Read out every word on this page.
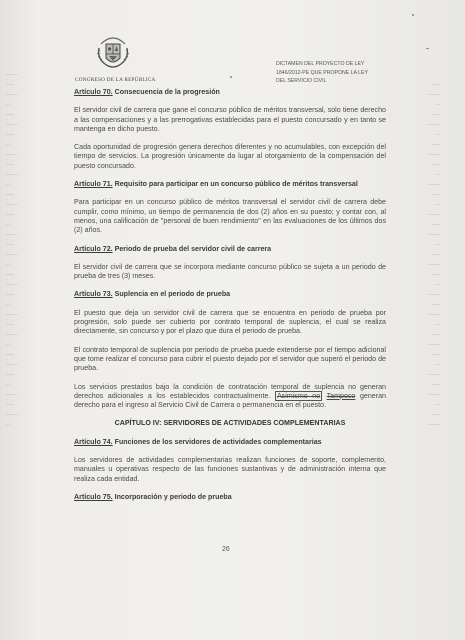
───
──
───
─
──
───
──
─
───
──
───
─
──
───
──
─
───
──
───
─
──
───
──
─
───
──
───
─
──
───
──
─
───
──
───
─
──
───
─
──
───
─
──
───
──
─
───
──
─
───
──
───
─
──
───
──
─
───
──
───
─
──
───
──
─
───
──
───
─
──
───
· · · · ·
CONGRESO DE LA REPÚBLICA
DICTAMEN DEL PROYECTO DE LEY
1846/2012-PE QUE PROPONE LA LEY
DEL SERVICIO CIVIL
Artículo 70. Consecuencia de la progresión

El servidor civil de carrera que gane el concurso público de méritos transversal, solo tiene derecho a las compensaciones y a las prerrogativas establecidas para el puesto concursado y en tanto se mantenga en dicho puesto.

Cada oportunidad de progresión genera derechos diferentes y no acumulables, con excepción del tiempo de servicios. La progresión únicamente da lugar al otorgamiento de la compensación del puesto concursado.

Artículo 71. Requisito para participar en un concurso público de méritos transversal

Para participar en un concurso público de méritos transversal el servidor civil de carrera debe cumplir, como mínimo, un tiempo de permanencia de dos (2) años en su puesto; y contar con, al menos, una calificación de "personal de buen rendimiento" en las evaluaciones de los últimos dos (2) años.

Artículo 72. Periodo de prueba del servidor civil de carrera

El servidor civil de carrera que se incorpora mediante concurso público se sujeta a un periodo de prueba de tres (3) meses.

Artículo 73. Suplencia en el periodo de prueba

El puesto que deja un servidor civil de carrera que se encuentra en periodo de prueba por progresión, solo puede ser cubierto por contrato temporal de suplencia, el cual se realiza directamente, sin concurso y por el plazo que dura el periodo de prueba.

El contrato temporal de suplencia por periodo de prueba puede extenderse por el tiempo adicional que tome realizar el concurso para cubrir el puesto dejado por el servidor que superó el periodo de prueba.

Los servicios prestados bajo la condición de contratación temporal de suplencia no generan derechos adicionales a los establecidos contractualmente. Asimismo no Tampoco generan derecho para el ingreso al Servicio Civil de Carrera o permanencia en el puesto.

CAPÍTULO IV: SERVIDORES DE ACTIVIDADES COMPLEMENTARIAS
Artículo 74. Funciones de los servidores de actividades complementarias

Los servidores de actividades complementarias realizan funciones de soporte, complemento, manuales u operativas respecto de las funciones sustantivas y de administración interna que realiza cada entidad.

Artículo 75. Incorporación y periodo de prueba
26
